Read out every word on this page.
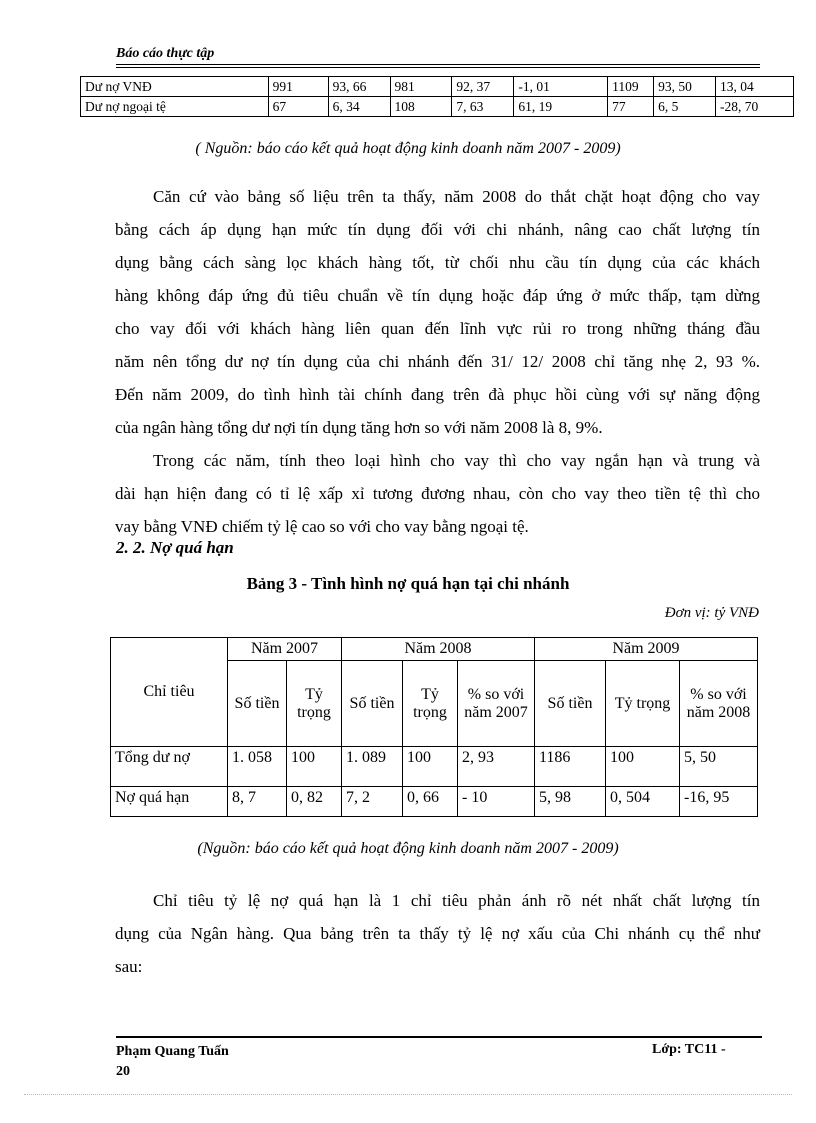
Báo cáo thực tập
Dư nợ VNĐ	991	93, 66	981	92, 37	-1, 01	1109	93, 50	13, 04
Dư nợ ngoại tệ	67	6, 34	108	7, 63	61, 19	77	6, 5	-28, 70
( Nguồn: báo cáo kết quả hoạt động kinh doanh năm 2007 - 2009)
Căn cứ vào bảng số liệu trên ta thấy, năm 2008 do thắt chặt hoạt động cho vay
bằng cách áp dụng hạn mức tín dụng đối với chi nhánh, nâng cao chất lượng tín
dụng bằng cách sàng lọc khách hàng tốt, từ chối nhu cầu tín dụng của các khách
hàng không đáp ứng đủ tiêu chuẩn về tín dụng hoặc đáp ứng ở mức thấp, tạm dừng
cho vay đối với khách hàng liên quan đến lĩnh vực rủi ro trong những tháng đầu
năm nên tổng dư nợ tín dụng của chi nhánh đến 31/ 12/ 2008 chỉ tăng nhẹ 2, 93 %.
Đến năm 2009, do tình hình tài chính đang trên đà phục hồi cùng với sự năng động
của ngân hàng tổng dư nợi tín dụng tăng hơn so với năm 2008 là 8, 9%.
Trong các năm, tính theo loại hình cho vay thì cho vay ngắn hạn và trung và
dài hạn hiện đang có tỉ lệ xấp xỉ tương đương nhau, còn cho vay theo tiền tệ thì cho
vay bằng VNĐ chiếm tỷ lệ cao so với cho vay bằng ngoại tệ.
2. 2. Nợ quá hạn
Bảng 3 - Tình hình nợ quá hạn tại chi nhánh
Đơn vị: tỷ VNĐ
Chỉ tiêu	Năm 2007		Năm 2008			Năm 2009		
	Số tiền	Tỷ trọng	Số tiền	Tỷ trọng	% so với năm 2007	Số tiền	Tỷ trọng	% so với năm 2008
Tổng dư nợ	1. 058	100	1. 089	100	2, 93	1186	100	5, 50
Nợ quá hạn	8, 7	0, 82	7, 2	0, 66	- 10	5, 98	0, 504	-16, 95
(Nguồn: báo cáo kết quả hoạt động kinh doanh năm 2007 - 2009)
Chỉ tiêu tỷ lệ nợ quá hạn là 1 chỉ tiêu phản ánh rõ nét nhất chất lượng tín
dụng của Ngân hàng. Qua bảng trên ta thấy tỷ lệ nợ xấu của Chi nhánh cụ thể như
sau:
Phạm Quang Tuấn
20
Lớp: TC11 -
